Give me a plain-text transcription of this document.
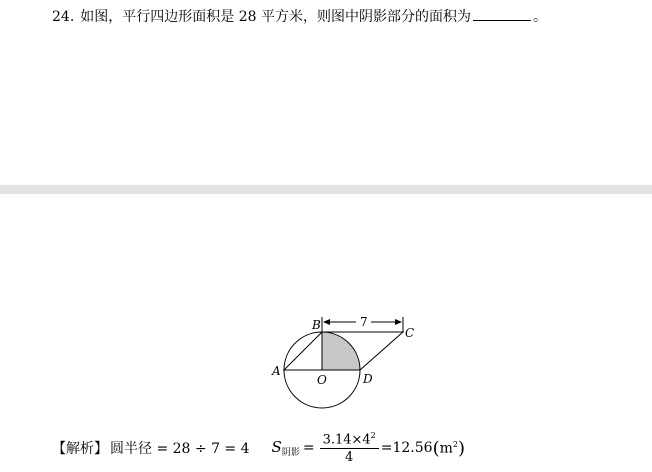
24. 如图，平行四边形面积是 28 平方米，则图中阴影部分的面积为	。
7
B
C
A
O	D
【解析】 圆半径 = 28 ÷ 7 = 4 $S_{阴影} = \frac{3.14\times 4^2}{4} =12.56$ ( $m^2$ )
